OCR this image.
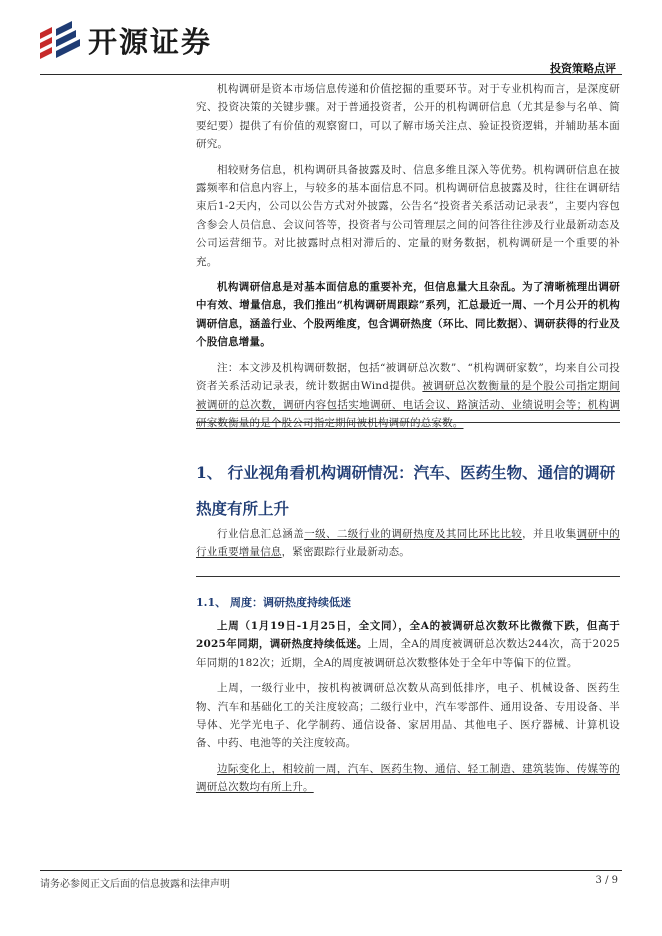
开源证券
投资策略点评

机构调研是资本市场信息传递和价值挖掘的重要环节。对于专业机构而言，是深度研究、投资决策的关键步骤。对于普通投资者，公开的机构调研信息（尤其是参与名单、简要纪要）提供了有价值的观察窗口，可以了解市场关注点、验证投资逻辑，并辅助基本面研究。

相较财务信息，机构调研具备披露及时、信息多维且深入等优势。机构调研信息在披露频率和信息内容上，与较多的基本面信息不同。机构调研信息披露及时，往往在调研结束后1-2天内，公司以公告方式对外披露，公告名“投资者关系活动记录表”，主要内容包含参会人员信息、会议问答等，投资者与公司管理层之间的问答往往涉及行业最新动态及公司运营细节。对比披露时点相对滞后的、定量的财务数据，机构调研是一个重要的补充。

机构调研信息是对基本面信息的重要补充，但信息量大且杂乱。为了清晰梳理出调研中有效、增量信息，我们推出“机构调研周跟踪”系列，汇总最近一周、一个月公开的机构调研信息，涵盖行业、个股两维度，包含调研热度（环比、同比数据）、调研获得的行业及个股信息增量。

注：本文涉及机构调研数据，包括“被调研总次数”、“机构调研家数”，均来自公司投资者关系活动记录表，统计数据由Wind提供。被调研总次数衡量的是个股公司指定期间被调研的总次数，调研内容包括实地调研、电话会议、路演活动、业绩说明会等；机构调研家数衡量的是个股公司指定期间被机构调研的总家数。

1、 行业视角看机构调研情况：汽车、医药生物、通信的调研热度有所上升

行业信息汇总涵盖一级、二级行业的调研热度及其同比环比比较，并且收集调研中的行业重要增量信息，紧密跟踪行业最新动态。

1.1、 周度：调研热度持续低迷

上周（1月19日-1月25日，全文同），全A的被调研总次数环比微微下跌，但高于2025年同期，调研热度持续低迷。上周，全A的周度被调研总次数达244次，高于2025年同期的182次；近期，全A的周度被调研总次数整体处于全年中等偏下的位置。

上周，一级行业中，按机构被调研总次数从高到低排序，电子、机械设备、医药生物、汽车和基础化工的关注度较高；二级行业中，汽车零部件、通用设备、专用设备、半导体、光学光电子、化学制药、通信设备、家居用品、其他电子、医疗器械、计算机设备、中药、电池等的关注度较高。

边际变化上，相较前一周，汽车、医药生物、通信、轻工制造、建筑装饰、传媒等的调研总次数均有所上升。

请务必参阅正文后面的信息披露和法律声明	3 / 9
